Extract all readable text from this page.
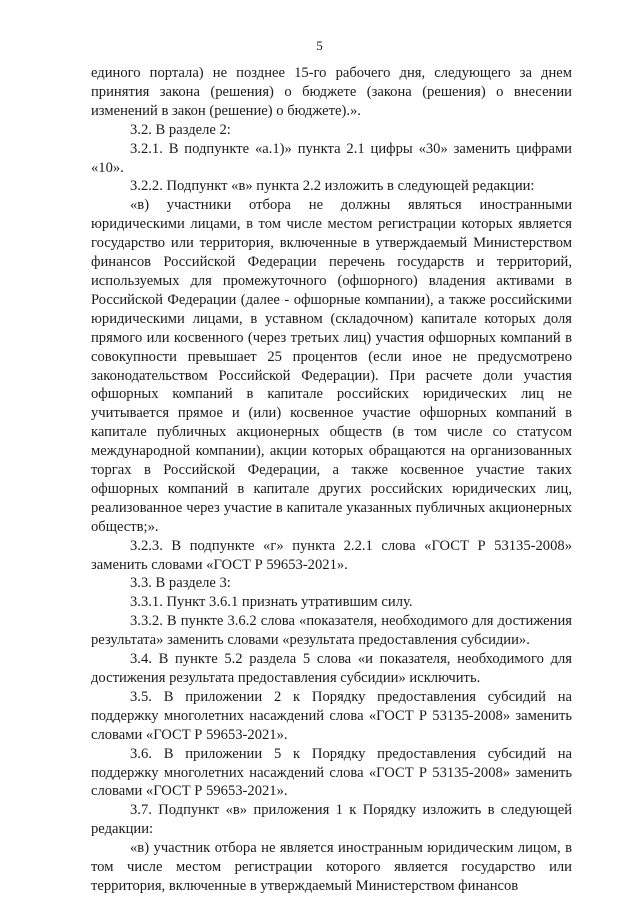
5

единого портала) не позднее 15-го рабочего дня, следующего за днем принятия закона (решения) о бюджете (закона (решения) о внесении изменений в закон (решение) о бюджете).».

3.2. В разделе 2:

3.2.1. В подпункте «а.1)» пункта 2.1 цифры «30» заменить цифрами «10».

3.2.2. Подпункт «в» пункта 2.2 изложить в следующей редакции:

«в) участники отбора не должны являться иностранными юридическими лицами, в том числе местом регистрации которых является государство или территория, включенные в утверждаемый Министерством финансов Российской Федерации перечень государств и территорий, используемых для промежуточного (офшорного) владения активами в Российской Федерации (далее - офшорные компании), а также российскими юридическими лицами, в уставном (складочном) капитале которых доля прямого или косвенного (через третьих лиц) участия офшорных компаний в совокупности превышает 25 процентов (если иное не предусмотрено законодательством Российской Федерации). При расчете доли участия офшорных компаний в капитале российских юридических лиц не учитывается прямое и (или) косвенное участие офшорных компаний в капитале публичных акционерных обществ (в том числе со статусом международной компании), акции которых обращаются на организованных торгах в Российской Федерации, а также косвенное участие таких офшорных компаний в капитале других российских юридических лиц, реализованное через участие в капитале указанных публичных акционерных обществ;».

3.2.3. В подпункте «г» пункта 2.2.1 слова «ГОСТ Р 53135-2008» заменить словами «ГОСТ Р 59653-2021».

3.3. В разделе 3:

3.3.1. Пункт 3.6.1 признать утратившим силу.

3.3.2. В пункте 3.6.2 слова «показателя, необходимого для достижения результата» заменить словами «результата предоставления субсидии».

3.4. В пункте 5.2 раздела 5 слова «и показателя, необходимого для достижения результата предоставления субсидии» исключить.

3.5. В приложении 2 к Порядку предоставления субсидий на поддержку многолетних насаждений слова «ГОСТ Р 53135-2008» заменить словами «ГОСТ Р 59653-2021».

3.6. В приложении 5 к Порядку предоставления субсидий на поддержку многолетних насаждений слова «ГОСТ Р 53135-2008» заменить словами «ГОСТ Р 59653-2021».

3.7. Подпункт «в» приложения 1 к Порядку изложить в следующей редакции:

«в) участник отбора не является иностранным юридическим лицом, в том числе местом регистрации которого является государство или территория, включенные в утверждаемый Министерством финансов
